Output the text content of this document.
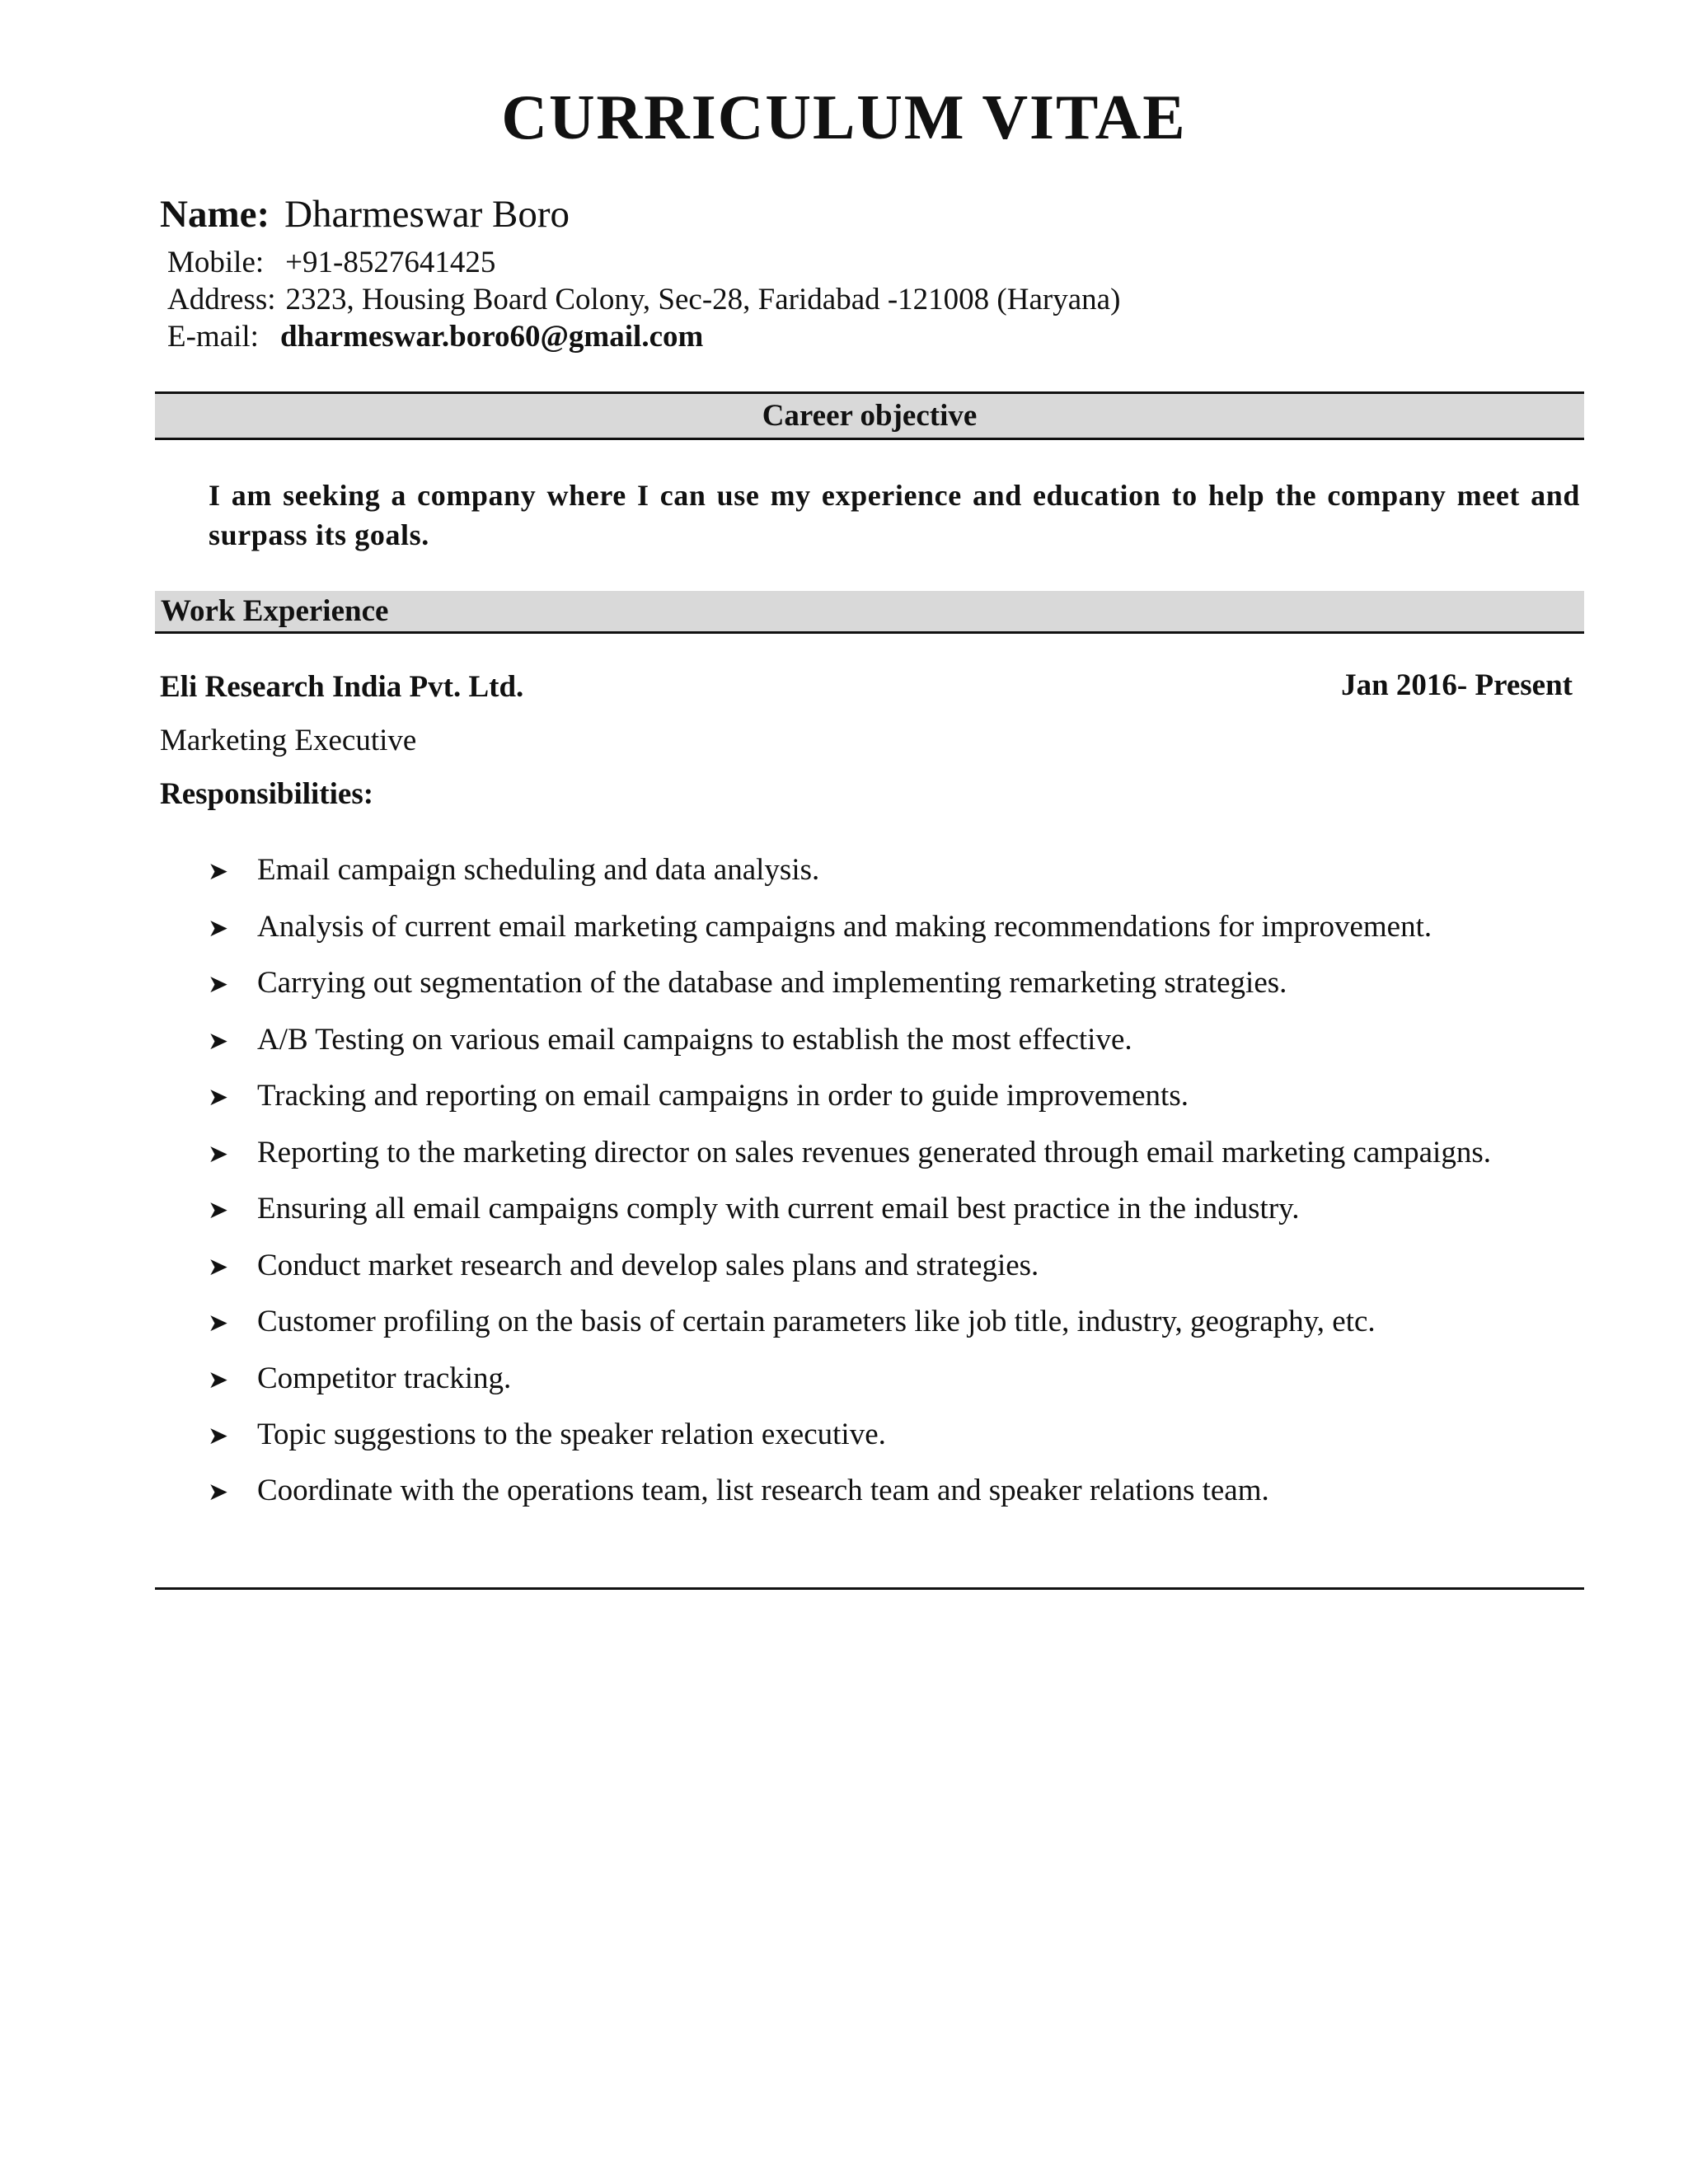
CURRICULUM VITAE
Name: Dharmeswar Boro
Mobile: +91-8527641425
Address: 2323, Housing Board Colony, Sec-28, Faridabad -121008 (Haryana)
E-mail: dharmeswar.boro60@gmail.com
Career objective
I am seeking a company where I can use my experience and education to help the company meet and surpass its goals.
Work Experience
Eli Research India Pvt. Ltd.	Jan 2016- Present
Marketing Executive
Responsibilities:
➤ Email campaign scheduling and data analysis.
➤ Analysis of current email marketing campaigns and making recommendations for improvement.
➤ Carrying out segmentation of the database and implementing remarketing strategies.
➤ A/B Testing on various email campaigns to establish the most effective.
➤ Tracking and reporting on email campaigns in order to guide improvements.
➤ Reporting to the marketing director on sales revenues generated through email marketing campaigns.
➤ Ensuring all email campaigns comply with current email best practice in the industry.
➤ Conduct market research and develop sales plans and strategies.
➤ Customer profiling on the basis of certain parameters like job title, industry, geography, etc.
➤ Competitor tracking.
➤ Topic suggestions to the speaker relation executive.
➤ Coordinate with the operations team, list research team and speaker relations team.
